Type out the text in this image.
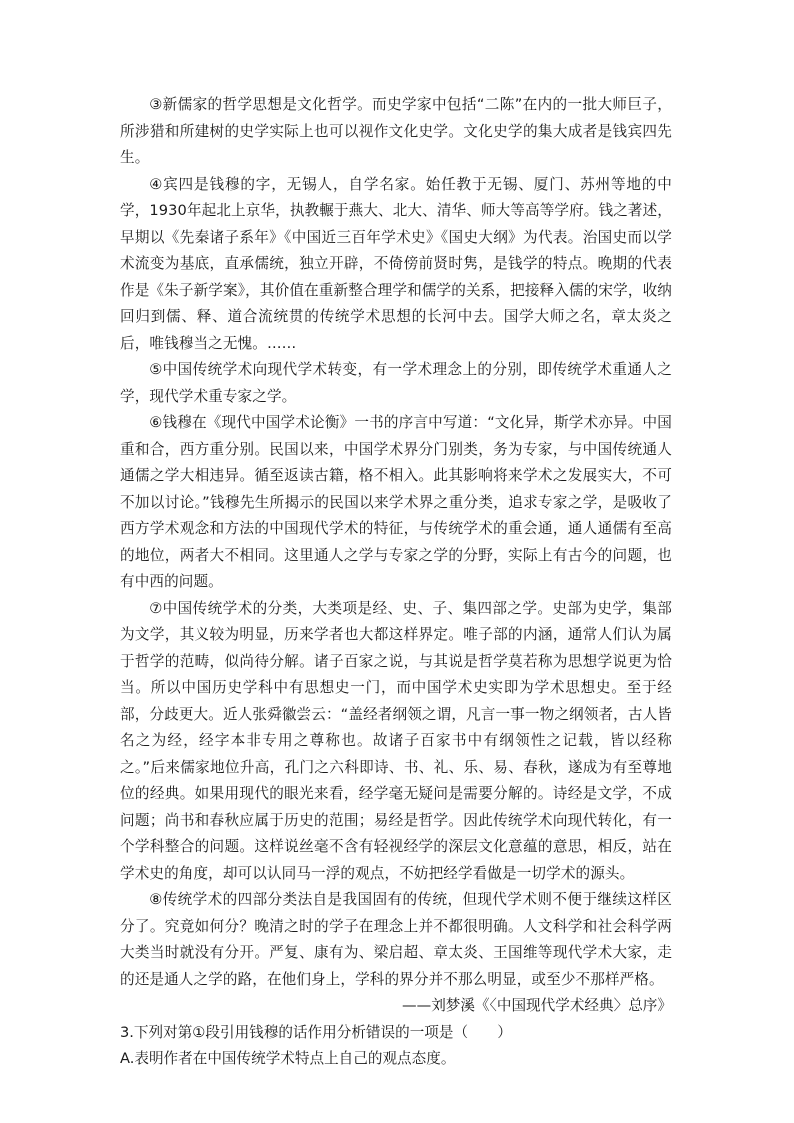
③新儒家的哲学思想是文化哲学。而史学家中包括“二陈”在内的一批大师巨子，所涉猎和所建树的史学实际上也可以视作文化史学。文化史学的集大成者是钱宾四先生。

④宾四是钱穆的字，无锡人，自学名家。始任教于无锡、厦门、苏州等地的中学，1930年起北上京华，执教輾于燕大、北大、清华、师大等高等学府。钱之著述，早期以《先秦诸子系年》《中国近三百年学术史》《国史大纲》为代表。治国史而以学术流变为基底，直承儒统，独立开辟，不倚傍前贤时隽，是钱学的特点。晚期的代表作是《朱子新学案》，其价值在重新整合理学和儒学的关系，把接释入儒的宋学，收纳回归到儒、释、道合流统贯的传统学术思想的长河中去。国学大师之名，章太炎之后，唯钱穆当之无愧。……

⑤中国传统学术向现代学术转变，有一学术理念上的分别，即传统学术重通人之学，现代学术重专家之学。

⑥钱穆在《现代中国学术论衡》一书的序言中写道：“文化异，斯学术亦异。中国重和合，西方重分别。民国以来，中国学术界分门别类，务为专家，与中国传统通人通儒之学大相违异。循至返读古籍，格不相入。此其影响将来学术之发展实大，不可不加以讨论。”钱穆先生所揭示的民国以来学术界之重分类，追求专家之学，是吸收了西方学术观念和方法的中国现代学术的特征，与传统学术的重会通，通人通儒有至高的地位，两者大不相同。这里通人之学与专家之学的分野，实际上有古今的问题，也有中西的问题。

⑦中国传统学术的分类，大类项是经、史、子、集四部之学。史部为史学，集部为文学，其义较为明显，历来学者也大都这样界定。唯子部的内涵，通常人们认为属于哲学的范畴，似尚待分解。诸子百家之说，与其说是哲学莫若称为思想学说更为恰当。所以中国历史学科中有思想史一门，而中国学术史实即为学术思想史。至于经部，分歧更大。近人张舜徽尝云：“盖经者纲领之谓，凡言一事一物之纲领者，古人皆名之为经，经字本非专用之尊称也。故诸子百家书中有纲领性之记载，皆以经称之。”后来儒家地位升高，孔门之六科即诗、书、礼、乐、易、春秋，遂成为有至尊地位的经典。如果用现代的眼光来看，经学毫无疑问是需要分解的。诗经是文学，不成问题；尚书和春秋应属于历史的范围；易经是哲学。因此传统学术向现代转化，有一个学科整合的问题。这样说丝毫不含有轻视经学的深层文化意蕴的意思，相反，站在学术史的角度，却可以认同马一浮的观点，不妨把经学看做是一切学术的源头。

⑧传统学术的四部分类法自是我国固有的传统，但现代学术则不便于继续这样区分了。究竟如何分？晚清之时的学子在理念上并不都很明确。人文科学和社会科学两大类当时就没有分开。严复、康有为、梁启超、章太炎、王国维等现代学术大家，走的还是通人之学的路，在他们身上，学科的界分并不那么明显，或至少不那样严格。

——刘梦溪《〈中国现代学术经典〉总序》

3.下列对第①段引用钱穆的话作用分析错误的一项是（　　）

A.表明作者在中国传统学术特点上自己的观点态度。
